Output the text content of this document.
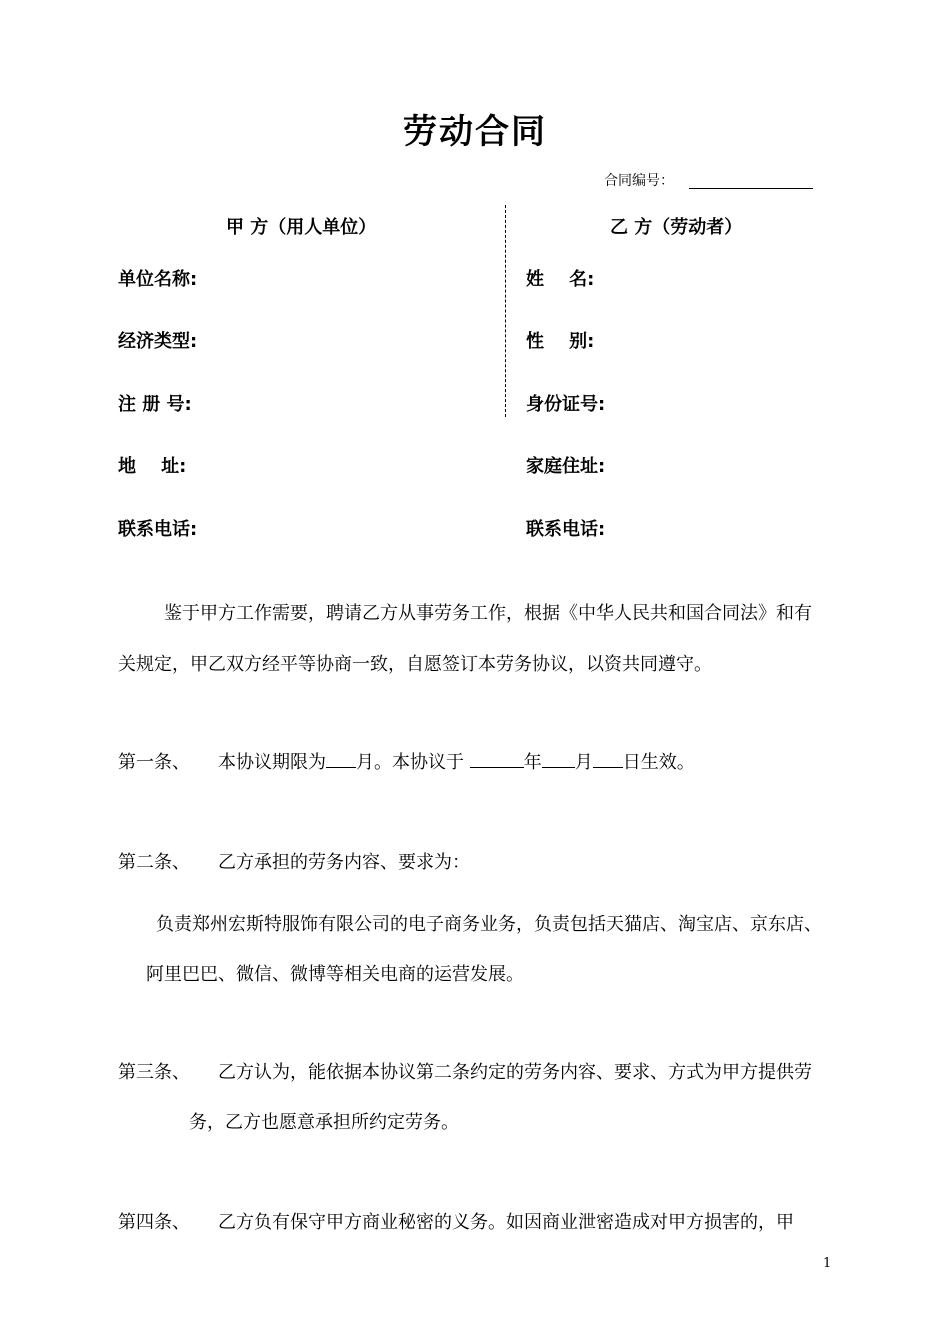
劳动合同
合同编号：
甲 方（用人单位）	乙 方（劳动者）
单位名称:
经济类型:
注 册 号:
地    址:
联系电话:
姓    名:
性    别:
身份证号:
家庭住址:
联系电话:
鉴于甲方工作需要，聘请乙方从事劳务工作，根据《中华人民共和国合同法》和有
关规定，甲乙双方经平等协商一致，自愿签订本劳务协议，以资共同遵守。
第一条、 本协议期限为 月。本协议于	年 月 日生效。
第二条、 乙方承担的劳务内容、要求为：
负责郑州宏斯特服饰有限公司的电子商务业务，负责包括天猫店、淘宝店、京东店、
阿里巴巴、微信、微博等相关电商的运营发展。
第三条、 乙方认为，能依据本协议第二条约定的劳务内容、要求、方式为甲方提供劳
务，乙方也愿意承担所约定劳务。
第四条、 乙方负有保守甲方商业秘密的义务。如因商业泄密造成对甲方损害的，甲
1
